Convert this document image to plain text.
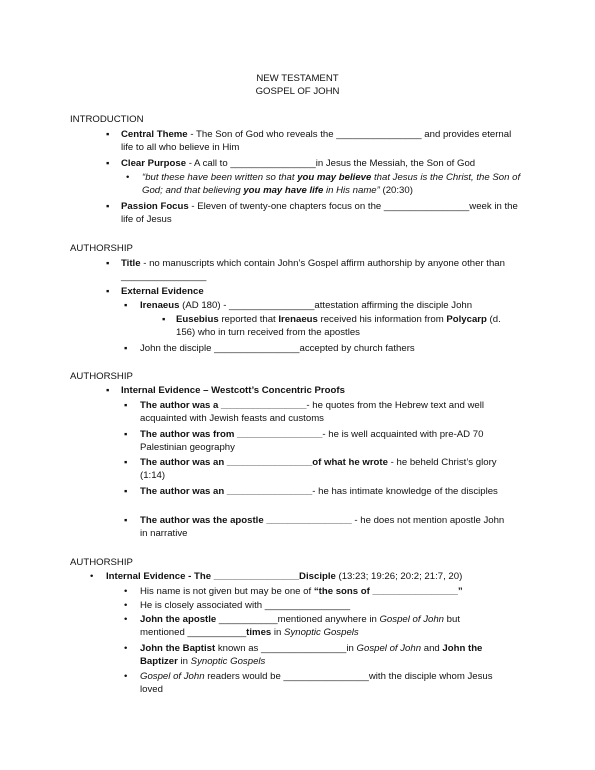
NEW TESTAMENT
GOSPEL OF JOHN
INTRODUCTION
▪ Central Theme - The Son of God who reveals the ________________ and provides eternal life to all who believe in Him
▪ Clear Purpose - A call to ________________in Jesus the Messiah, the Son of God
• “but these have been written so that you may believe that Jesus is the Christ, the Son of God; and that believing you may have life in His name” (20:30)
▪ Passion Focus - Eleven of twenty-one chapters focus on the ________________week in the life of Jesus
AUTHORSHIP
▪ Title - no manuscripts which contain John’s Gospel affirm authorship by anyone other than ________________
▪ External Evidence
▪ Irenaeus (AD 180) - ________________attestation affirming the disciple John
▪ Eusebius reported that Irenaeus received his information from Polycarp (d. 156) who in turn received from the apostles
▪ John the disciple ________________accepted by church fathers
AUTHORSHIP
▪ Internal Evidence – Westcott’s Concentric Proofs
▪ The author was a ________________- he quotes from the Hebrew text and well acquainted with Jewish feasts and customs
▪ The author was from ________________- he is well acquainted with pre-AD 70 Palestinian geography
▪ The author was an ________________of what he wrote - he beheld Christ’s glory (1:14)
▪ The author was an ________________- he has intimate knowledge of the disciples
▪ The author was the apostle ________________ - he does not mention apostle John in narrative
AUTHORSHIP
• Internal Evidence - The ________________Disciple (13:23; 19:26; 20:2; 21:7, 20)
• His name is not given but may be one of “the sons of ________________”
• He is closely associated with ________________
• John the apostle ___________mentioned anywhere in Gospel of John but mentioned ___________times in Synoptic Gospels
• John the Baptist known as ________________in Gospel of John and John the Baptizer in Synoptic Gospels
• Gospel of John readers would be ________________with the disciple whom Jesus loved
